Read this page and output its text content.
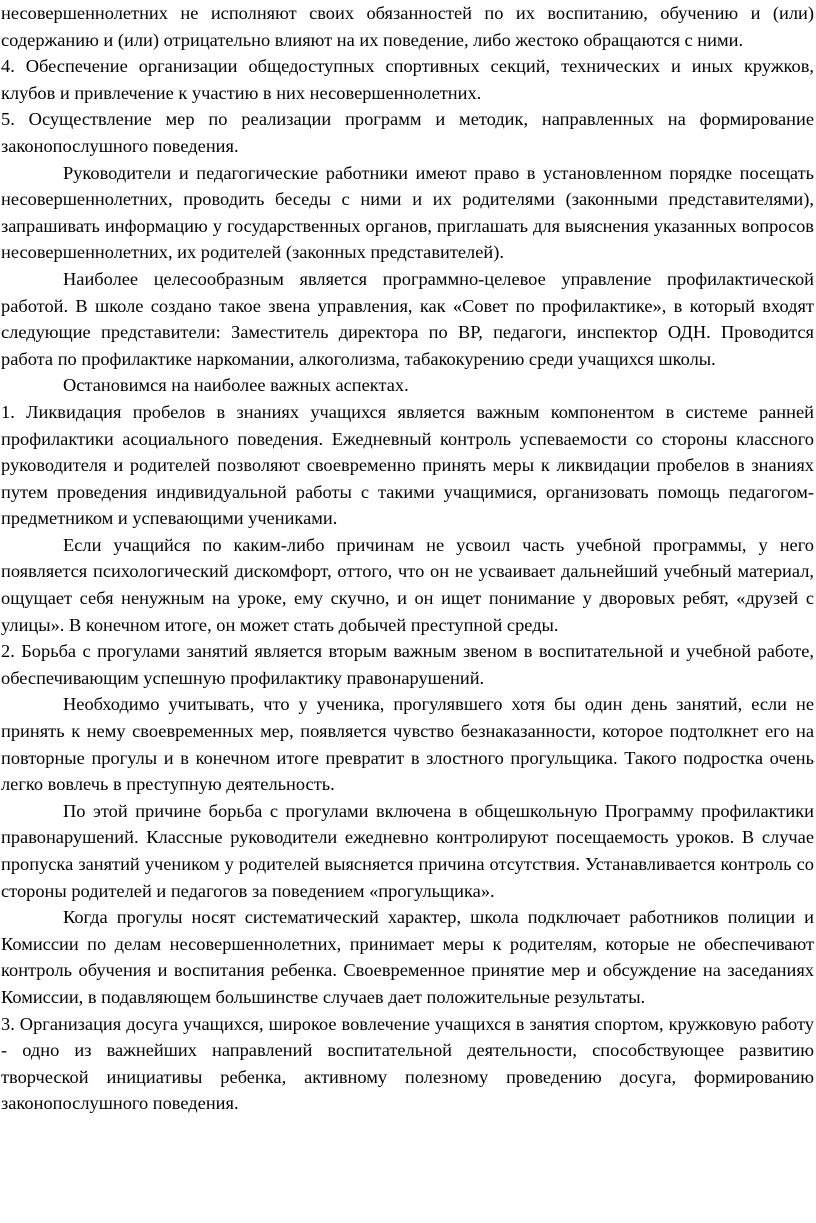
несовершеннолетних не исполняют своих обязанностей по их воспитанию, обучению и (или) содержанию и (или) отрицательно влияют на их поведение, либо жестоко обращаются с ними.

4. Обеспечение организации общедоступных спортивных секций, технических и иных кружков, клубов и привлечение к участию в них несовершеннолетних.

5. Осуществление мер по реализации программ и методик, направленных на формирование законопослушного поведения.

Руководители и педагогические работники имеют право в установленном порядке посещать несовершеннолетних, проводить беседы с ними и их родителями (законными представителями), запрашивать информацию у государственных органов, приглашать для выяснения указанных вопросов несовершеннолетних, их родителей (законных представителей).

Наиболее целесообразным является программно-целевое управление профилактической работой. В школе создано такое звена управления, как «Совет по профилактике», в который входят следующие представители: Заместитель директора по ВР, педагоги, инспектор ОДН. Проводится работа по профилактике наркомании, алкоголизма, табакокурению среди учащихся школы.

Остановимся на наиболее важных аспектах.

1. Ликвидация пробелов в знаниях учащихся является важным компонентом в системе ранней профилактики асоциального поведения. Ежедневный контроль успеваемости со стороны классного руководителя и родителей позволяют своевременно принять меры к ликвидации пробелов в знаниях путем проведения индивидуальной работы с такими учащимися, организовать помощь педагогом-предметником и успевающими учениками.

Если учащийся по каким-либо причинам не усвоил часть учебной программы, у него появляется психологический дискомфорт, оттого, что он не усваивает дальнейший учебный материал, ощущает себя ненужным на уроке, ему скучно, и он ищет понимание у дворовых ребят, «друзей с улицы». В конечном итоге, он может стать добычей преступной среды.

2. Борьба с прогулами занятий является вторым важным звеном в воспитательной и учебной работе, обеспечивающим успешную профилактику правонарушений.

Необходимо учитывать, что у ученика, прогулявшего хотя бы один день занятий, если не принять к нему своевременных мер, появляется чувство безнаказанности, которое подтолкнет его на повторные прогулы и в конечном итоге превратит в злостного прогульщика. Такого подростка очень легко вовлечь в преступную деятельность.

По этой причине борьба с прогулами включена в общешкольную Программу профилактики правонарушений. Классные руководители ежедневно контролируют посещаемость уроков. В случае пропуска занятий учеником у родителей выясняется причина отсутствия. Устанавливается контроль со стороны родителей и педагогов за поведением «прогульщика».

Когда прогулы носят систематический характер, школа подключает работников полиции и Комиссии по делам несовершеннолетних, принимает меры к родителям, которые не обеспечивают контроль обучения и воспитания ребенка. Своевременное принятие мер и обсуждение на заседаниях Комиссии, в подавляющем большинстве случаев дает положительные результаты.

3. Организация досуга учащихся, широкое вовлечение учащихся в занятия спортом, кружковую работу - одно из важнейших направлений воспитательной деятельности, способствующее развитию творческой инициативы ребенка, активному полезному проведению досуга, формированию законопослушного поведения.
